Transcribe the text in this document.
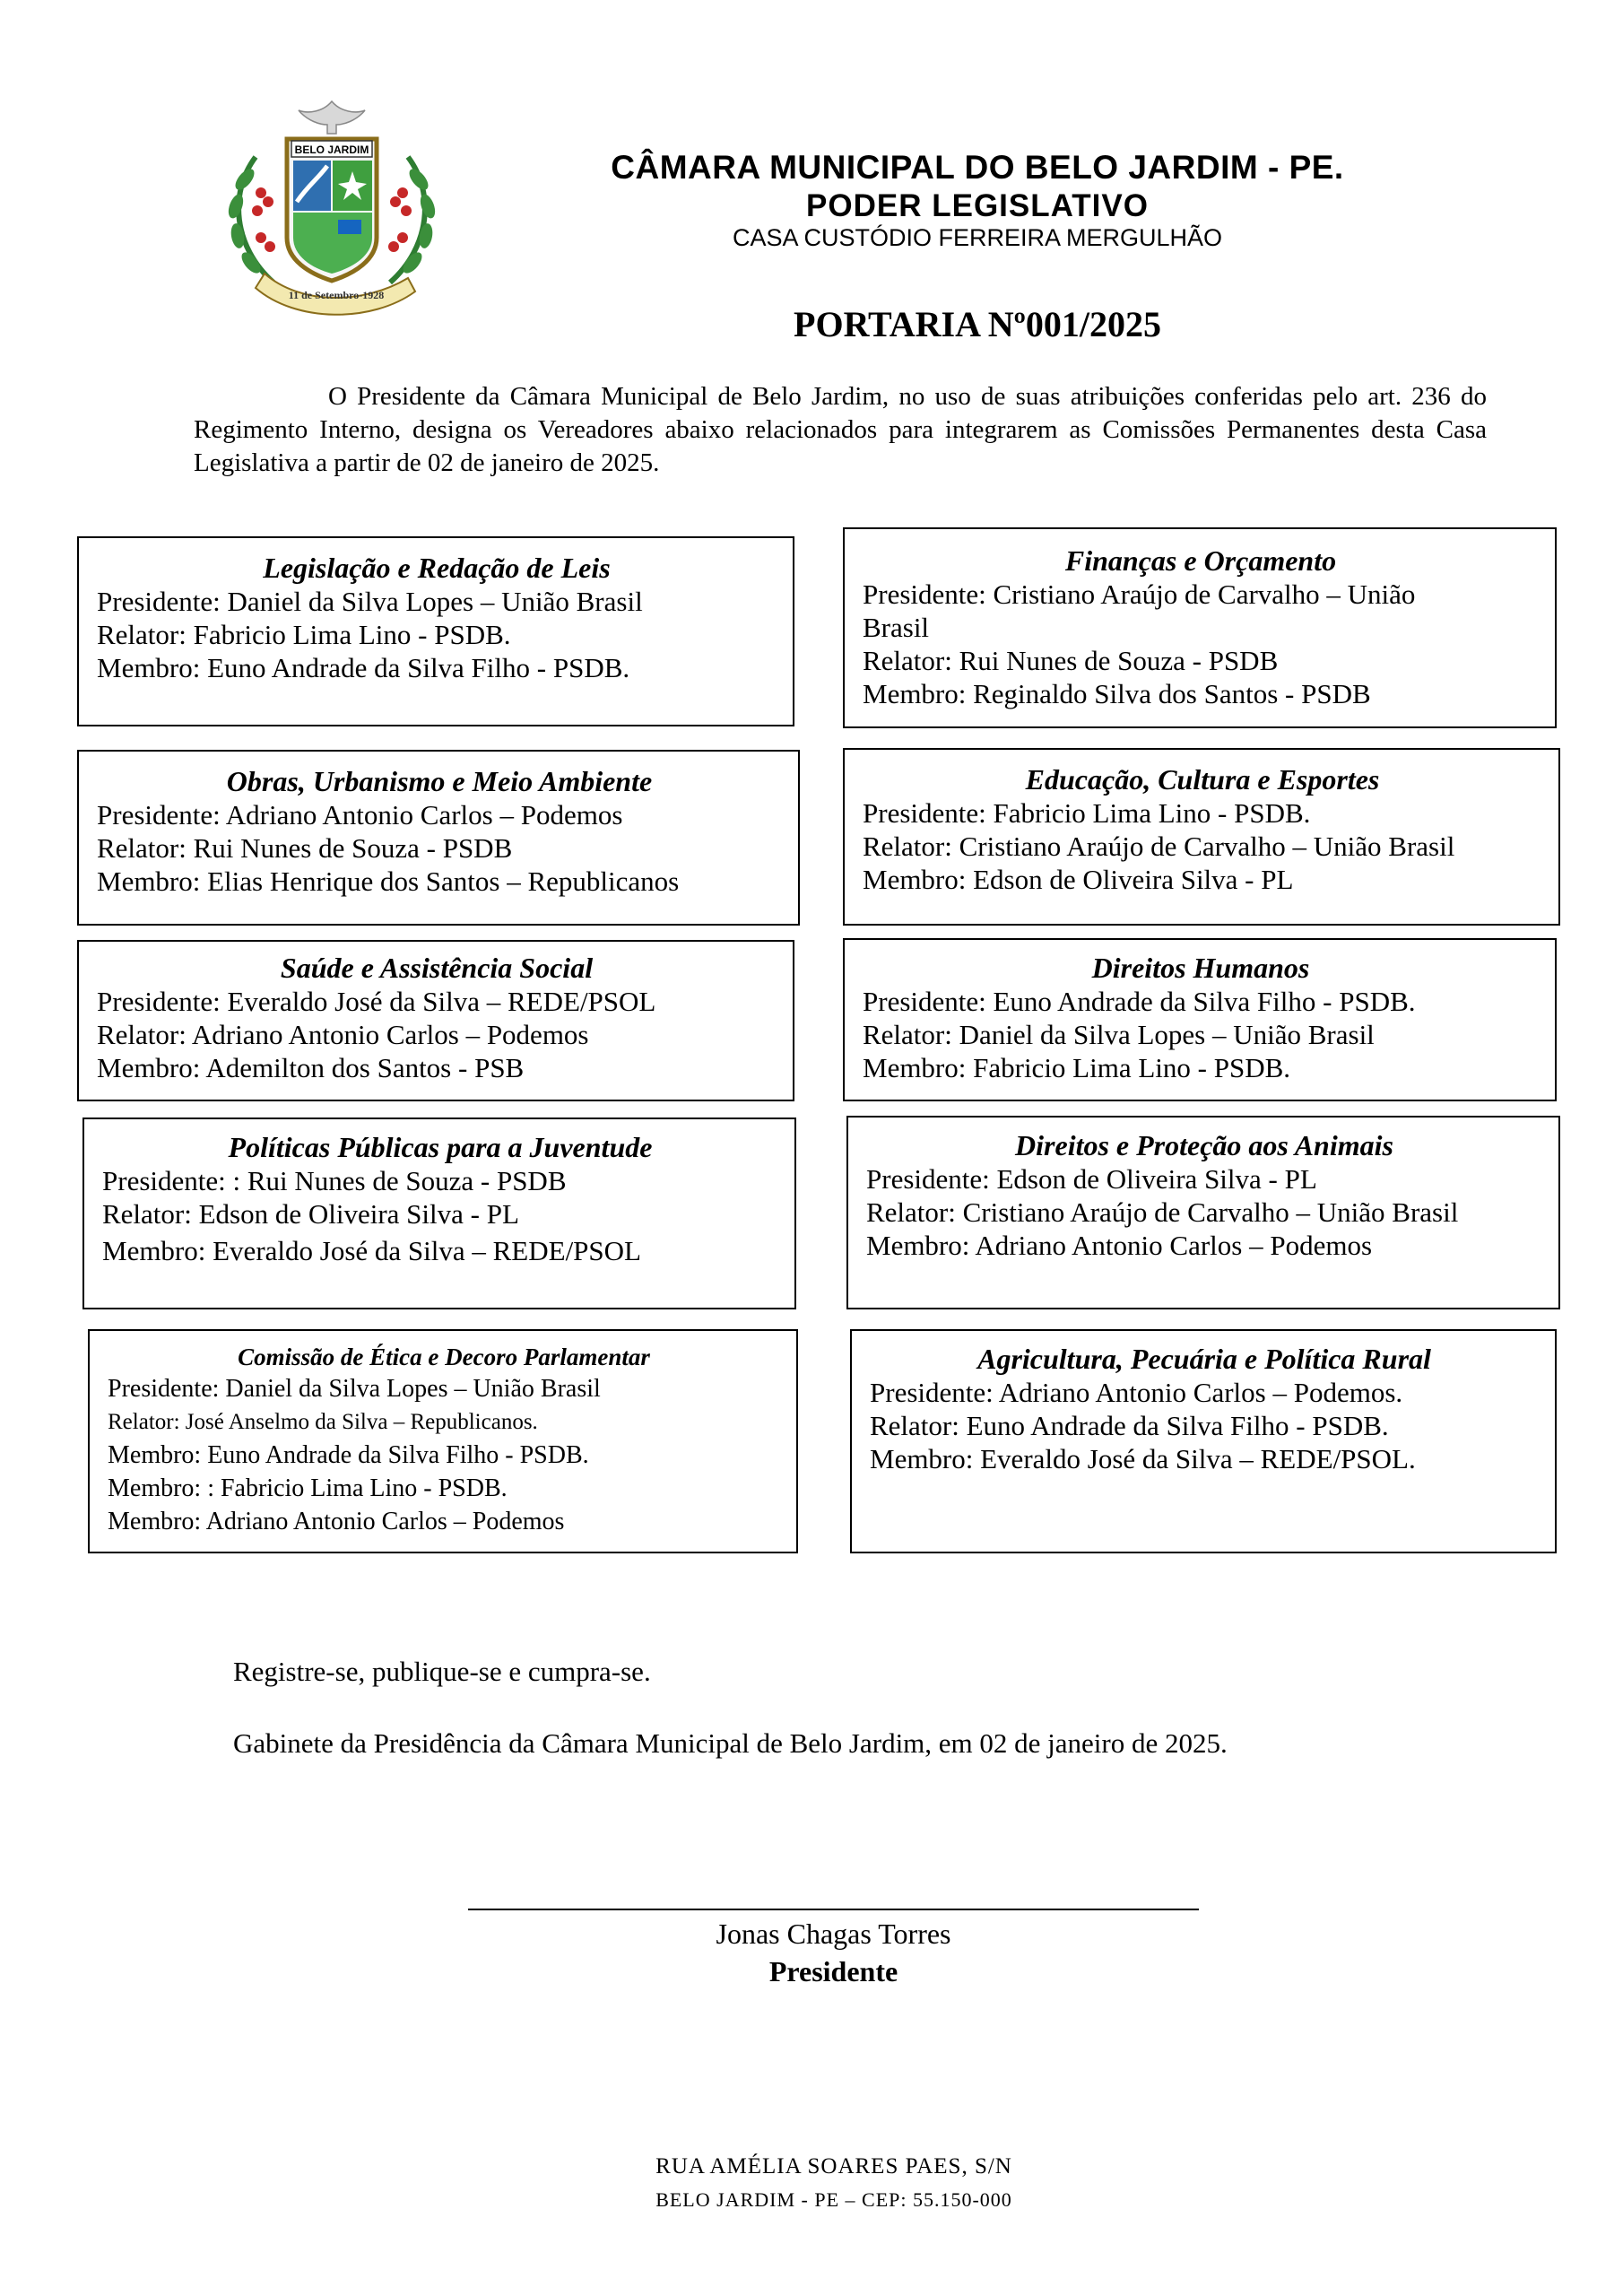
BELO JARDIM
11 de Setembro-1928
CÂMARA MUNICIPAL DO BELO JARDIM - PE.
PODER LEGISLATIVO
CASA CUSTÓDIO FERREIRA MERGULHÃO
PORTARIA Nº001/2025
O Presidente da Câmara Municipal de Belo Jardim, no uso de suas atribuições conferidas pelo art. 236 do Regimento Interno, designa os Vereadores abaixo relacionados para integrarem as Comissões Permanentes desta Casa Legislativa a partir de 02 de janeiro de 2025.
Legislação e Redação de Leis
Presidente: Daniel da Silva Lopes – União Brasil
Relator: Fabricio Lima Lino - PSDB.
Membro: Euno Andrade da Silva Filho - PSDB.
Obras, Urbanismo e Meio Ambiente
Presidente: Adriano Antonio Carlos – Podemos
Relator: Rui Nunes de Souza - PSDB
Membro: Elias Henrique dos Santos – Republicanos
Saúde e Assistência Social
Presidente: Everaldo José da Silva – REDE/PSOL
Relator: Adriano Antonio Carlos – Podemos
Membro: Ademilton dos Santos - PSB
Políticas Públicas para a Juventude
Presidente: : Rui Nunes de Souza - PSDB
Relator: Edson de Oliveira Silva - PL
Membro: Everaldo José da Silva – REDE/PSOL
Comissão de Ética e Decoro Parlamentar
Presidente: Daniel da Silva Lopes – União Brasil
Relator: José Anselmo da Silva – Republicanos.
Membro: Euno Andrade da Silva Filho - PSDB.
Membro: : Fabricio Lima Lino - PSDB.
Membro: Adriano Antonio Carlos – Podemos
Finanças e Orçamento
Presidente: Cristiano Araújo de Carvalho – União Brasil
Relator: Rui Nunes de Souza - PSDB
Membro: Reginaldo Silva dos Santos - PSDB
Educação, Cultura e Esportes
Presidente: Fabricio Lima Lino - PSDB.
Relator: Cristiano Araújo de Carvalho – União Brasil
Membro: Edson de Oliveira Silva - PL
Direitos Humanos
Presidente: Euno Andrade da Silva Filho - PSDB.
Relator: Daniel da Silva Lopes – União Brasil
Membro: Fabricio Lima Lino - PSDB.
Direitos e Proteção aos Animais
Presidente: Edson de Oliveira Silva - PL
Relator: Cristiano Araújo de Carvalho – União Brasil
Membro: Adriano Antonio Carlos – Podemos
Agricultura, Pecuária e Política Rural
Presidente: Adriano Antonio Carlos – Podemos.
Relator: Euno Andrade da Silva Filho - PSDB.
Membro: Everaldo José da Silva – REDE/PSOL.
Registre-se, publique-se e cumpra-se.
Gabinete da Presidência da Câmara Municipal de Belo Jardim, em 02 de janeiro de 2025.
Jonas Chagas Torres
Presidente
RUA AMÉLIA SOARES PAES, S/N
BELO JARDIM - PE – CEP: 55.150-000
